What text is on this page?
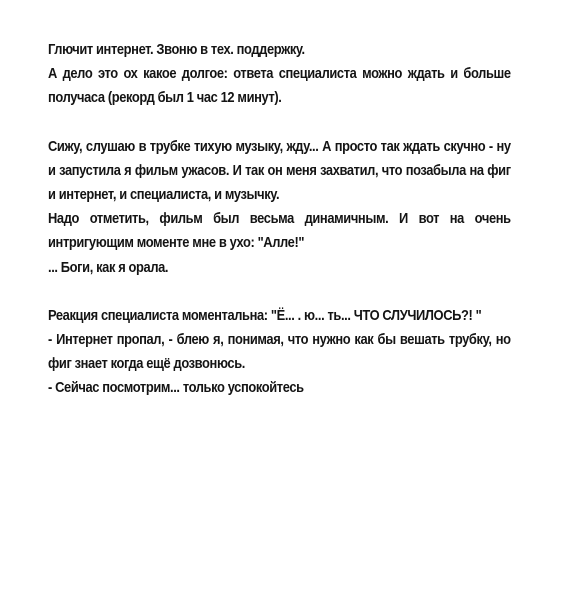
Глючит интернет. Звоню в тех. поддержку.

А дело это ох какое долгое: ответа специалиста можно ждать и больше получаса (рекорд был 1 час 12 минут).

Сижу, слушаю в трубке тихую музыку, жду... А просто так ждать скучно - ну и запустила я фильм ужасов. И так он меня захватил, что позабыла на фиг и интернет, и специалиста, и музычку.

Надо отметить, фильм был весьма динамичным. И вот на очень интригующим моменте мне в ухо: "Алле!"

... Боги, как я орала.

Реакция специалиста моментальна: "Ё... . ю... ть... ЧТО СЛУЧИЛОСЬ?! "

- Интернет пропал, - блею я, понимая, что нужно как бы вешать трубку, но фиг знает когда ещё дозвонюсь.

- Сейчас посмотрим... только успокойтесь
